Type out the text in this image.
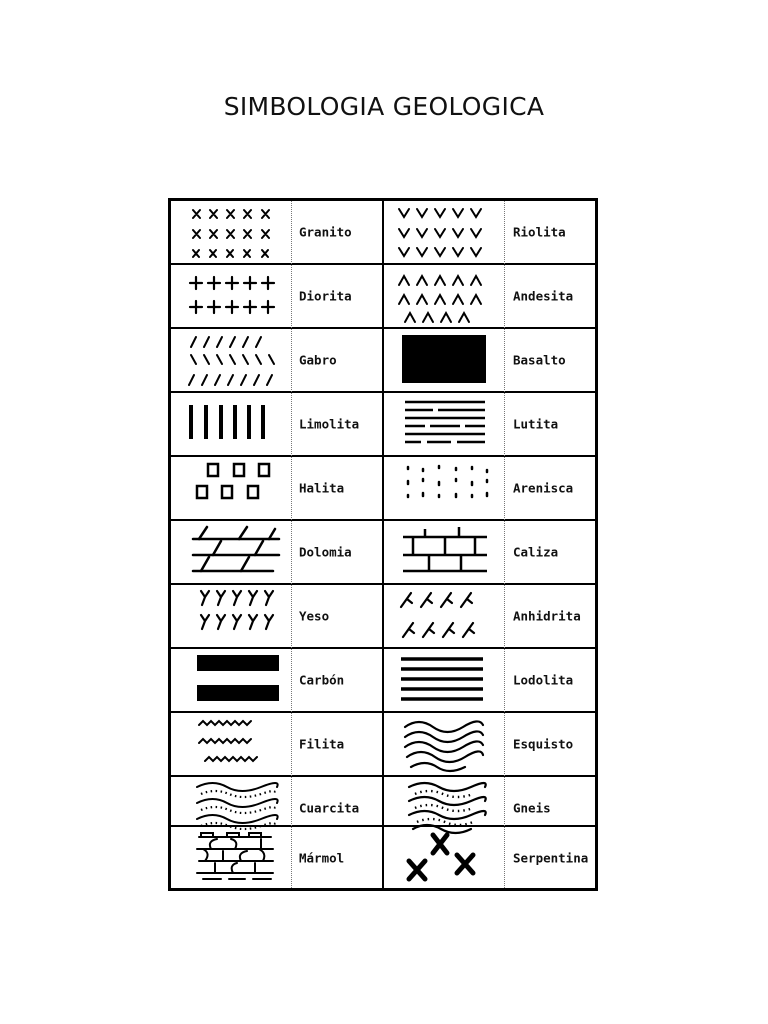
SIMBOLOGIA GEOLOGICA
Granito	Riolita
Diorita	Andesita
Gabro	Basalto
Limolita	Lutita
Halita	Arenisca
Dolomia	Caliza
Yeso	Anhidrita
Carbón	Lodolita
Filita	Esquisto
Cuarcita	Gneis
Mármol	Serpentina
